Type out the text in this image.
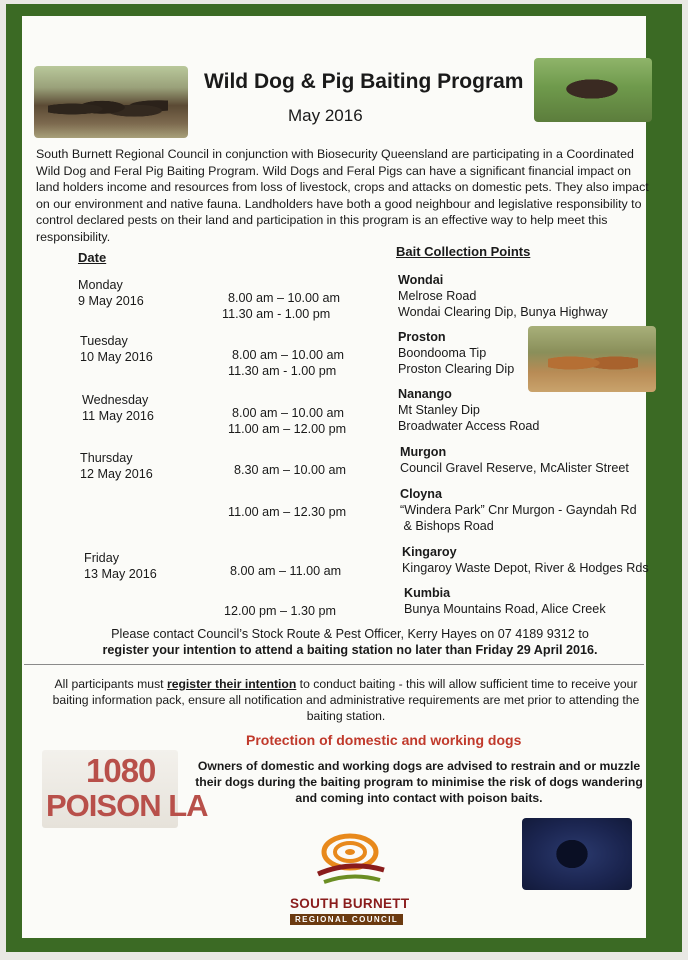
1080
POISON LA
Wild Dog & Pig Baiting Program
May 2016
South Burnett Regional Council in conjunction with Biosecurity Queensland are participating in a Coordinated Wild Dog and Feral Pig Baiting Program. Wild Dogs and Feral Pigs can have a significant financial impact on land holders income and resources from loss of livestock, crops and attacks on domestic pets. They also impact on our environment and native fauna. Landholders have both a good neighbour and legislative responsibility to control declared pests on their land and participation in this program is an effective way to help meet this responsibility.
Date	Bait Collection Points
Monday
9 May 2016
Tuesday
10 May 2016
Wednesday
11 May 2016
Thursday
12 May 2016
Friday
13 May 2016
8.00 am – 10.00 am
11.30 am - 1.00 pm
8.00 am – 10.00 am
11.30 am - 1.00 pm
8.00 am – 10.00 am
11.00 am – 12.00 pm
8.30 am – 10.00 am
11.00 am – 12.30 pm
8.00 am – 11.00 am
12.00 pm – 1.30 pm
Wondai
Melrose Road
Wondai Clearing Dip, Bunya Highway
Proston
Boondooma Tip
Proston Clearing Dip
Nanango
Mt Stanley Dip
Broadwater Access Road
Murgon
Council Gravel Reserve, McAlister Street
Cloyna
“Windera Park” Cnr Murgon - Gayndah Rd
& Bishops Road
Kingaroy
Kingaroy Waste Depot, River & Hodges Rds
Kumbia
Bunya Mountains Road, Alice Creek
Please contact Council’s Stock Route & Pest Officer, Kerry Hayes on 07 4189 9312 to
register your intention to attend a baiting station no later than Friday 29 April 2016.
All participants must register their intention to conduct baiting - this will allow sufficient time to receive your baiting information pack, ensure all notification and administrative requirements are met prior to attending the baiting station.
Protection of domestic and working dogs
Owners of domestic and working dogs are advised to restrain and or muzzle their dogs during the baiting program to minimise the risk of dogs wandering and coming into contact with poison baits.
SOUTH BURNETT
REGIONAL COUNCIL
